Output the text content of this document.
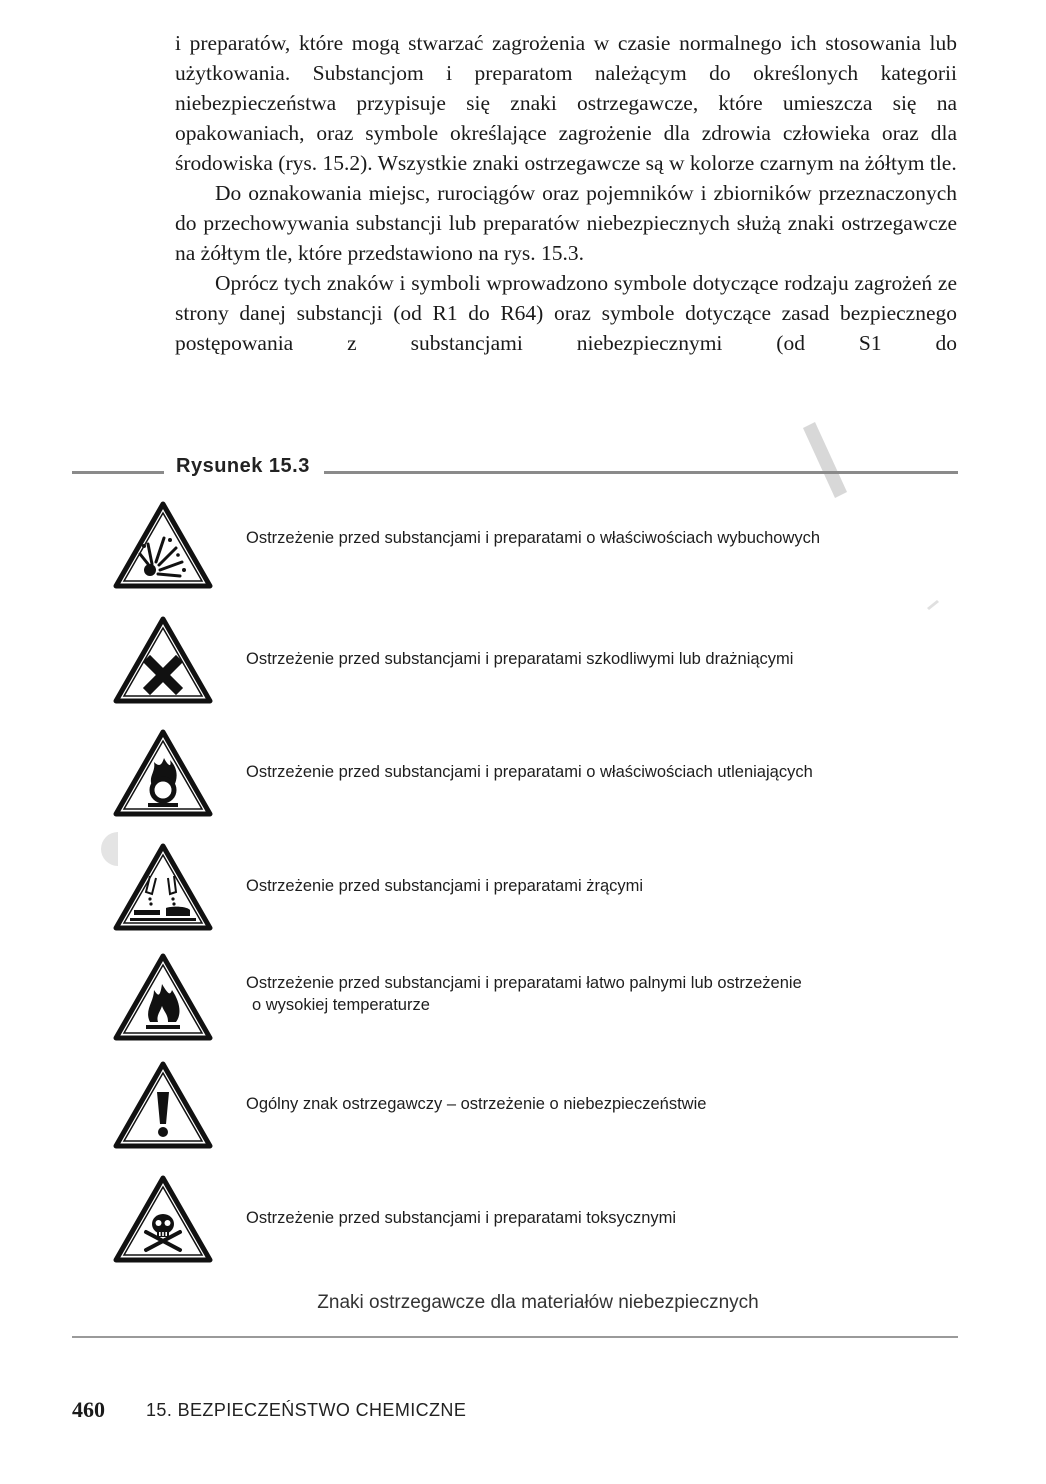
i preparatów, które mogą stwarzać zagrożenia w czasie normalnego ich stosowania lub użytkowania. Substancjom i preparatom należącym do określonych kategorii niebezpieczeństwa przypisuje się znaki ostrzegawcze, które umieszcza się na opakowaniach, oraz symbole określające zagrożenie dla zdrowia człowieka oraz dla środowiska (rys. 15.2). Wszystkie znaki ostrzegawcze są w kolorze czarnym na żółtym tle.

Do oznakowania miejsc, rurociągów oraz pojemników i zbiorników przeznaczonych do przechowywania substancji lub preparatów niebezpiecznych służą znaki ostrzegawcze na żółtym tle, które przedstawiono na rys. 15.3.

Oprócz tych znaków i symboli wprowadzono symbole dotyczące rodzaju zagrożeń ze strony danej substancji (od R1 do R64) oraz symbole dotyczące zasad bezpiecznego postępowania z substancjami niebezpiecznymi (od S1 do

Rysunek 15.3
Ostrzeżenie przed substancjami i preparatami o właściwościach wybuchowych
Ostrzeżenie przed substancjami i preparatami szkodliwymi lub drażniącymi
Ostrzeżenie przed substancjami i preparatami o właściwościach utleniających
Ostrzeżenie przed substancjami i preparatami żrącymi
Ostrzeżenie przed substancjami i preparatami łatwo palnymi lub ostrzeżenie
o wysokiej temperaturze
Ogólny znak ostrzegawczy – ostrzeżenie o niebezpieczeństwie
Ostrzeżenie przed substancjami i preparatami toksycznymi
Znaki ostrzegawcze dla materiałów niebezpiecznych
460 15. BEZPIECZEŃSTWO CHEMICZNE
